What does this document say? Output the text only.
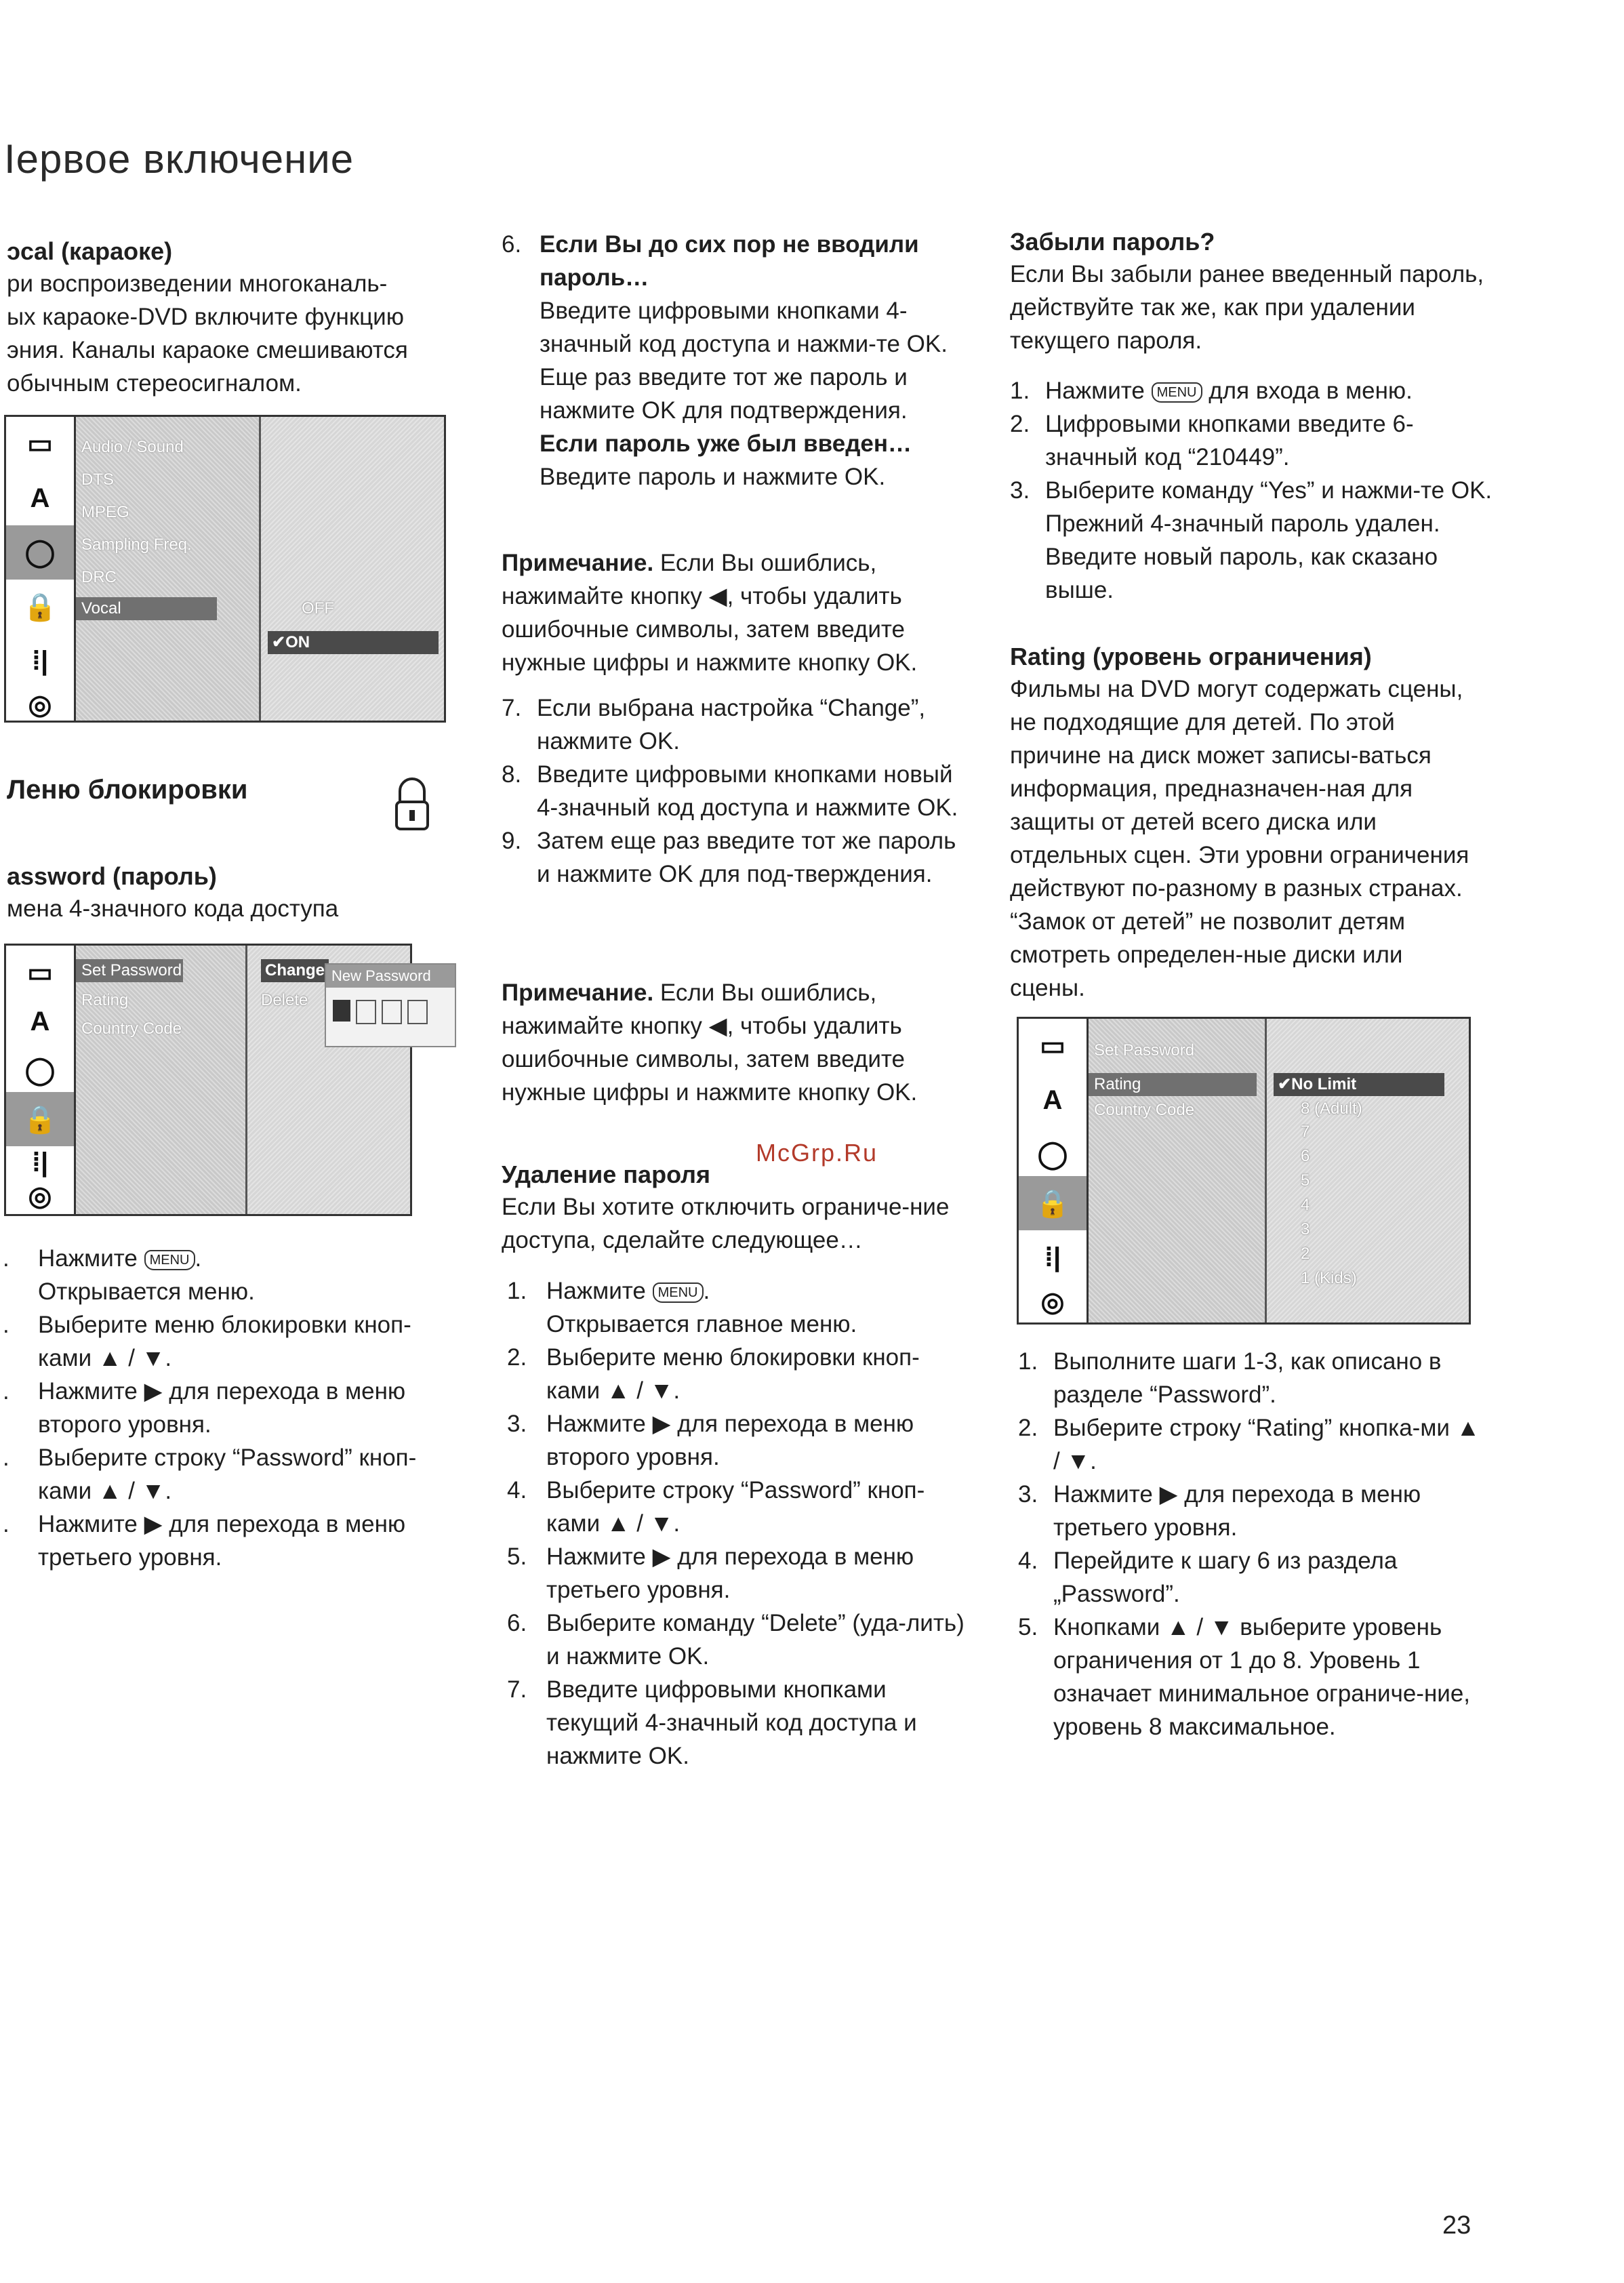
Іервое включение
ɔcal (караоке)
ри воспроизведении многоканаль-
ых караоке-DVD включите функцию
эния. Каналы караоке смешиваются
обычным стереосигналом.
▭
A
◯
🔒
⁞|
◎
Audio / Sound
DTS
MPEG
Sampling Freq.
DRC
Vocal	OFF
✔ON
Леню блокировки
assword (пароль)
мена 4-значного кода доступа
▭
A
◯
🔒
⁞|
◎
Set Password
Rating
Country Code
Change
Delete
New Password
. Нажмите MENU .
Открывается меню.
. Выберите меню блокировки кноп-ками ▲ / ▼.
. Нажмите ▶ для перехода в меню второго уровня.
. Выберите строку “Password” кноп-ками ▲ / ▼.
. Нажмите ▶ для перехода в меню третьего уровня.
6. Если Вы до сих пор не вводили пароль…
Введите цифровыми кнопками 4-значный код доступа и нажми-те OK.
Еще раз введите тот же пароль и нажмите OK для подтверждения.
Если пароль уже был введен…
Введите пароль и нажмите OK.
Примечание. Если Вы ошиблись, нажимайте кнопку ◀, чтобы удалить ошибочные символы, затем введите нужные цифры и нажмите кнопку OK.
7. Если выбрана настройка “Change”, нажмите OK.
8. Введите цифровыми кнопками новый 4-значный код доступа и нажмите OK.
9. Затем еще раз введите тот же пароль и нажмите OK для под-тверждения.
Примечание. Если Вы ошиблись, нажимайте кнопку ◀, чтобы удалить ошибочные символы, затем введите нужные цифры и нажмите кнопку OK.
McGrp.Ru
Удаление пароля
Если Вы хотите отключить ограниче-ние доступа, сделайте следующее…
1. Нажмите MENU .
Открывается главное меню.
2. Выберите меню блокировки кноп-ками ▲ / ▼.
3. Нажмите ▶ для перехода в меню второго уровня.
4. Выберите строку “Password” кноп-ками ▲ / ▼.
5. Нажмите ▶ для перехода в меню третьего уровня.
6. Выберите команду “Delete” (уда-лить) и нажмите OK.
7. Введите цифровыми кнопками текущий 4-значный код доступа и нажмите OK.
Забыли пароль?
Если Вы забыли ранее введенный пароль, действуйте так же, как при удалении текущего пароля.
1. Нажмите MENU для входа в меню.
2. Цифровыми кнопками введите 6-значный код “210449”.
3. Выберите команду “Yes” и нажми-те OK. Прежний 4-значный пароль удален. Введите новый пароль, как сказано выше.
Rating (уровень ограничения)
Фильмы на DVD могут содержать сцены, не подходящие для детей. По этой причине на диск может записы-ваться информация, предназначен-ная для защиты от детей всего диска или отдельных сцен. Эти уровни ограничения действуют по-разному в разных странах. “Замок от детей” не позволит детям смотреть определен-ные диски или сцены.
▭
A
◯
🔒
⁞|
◎
Set Password
Rating
Country Code
✔No Limit
8 (Adult)
7
6
5
4
3
2
1 (Kids)
1. Выполните шаги 1-3, как описано в разделе “Password”.
2. Выберите строку “Rating” кнопка-ми ▲ / ▼.
3. Нажмите ▶ для перехода в меню третьего уровня.
4. Перейдите к шагу 6 из раздела „Password”.
5. Кнопками ▲ / ▼ выберите уровень ограничения от 1 до 8. Уровень 1 означает минимальное ограниче-ние, уровень 8 максимальное.
23
